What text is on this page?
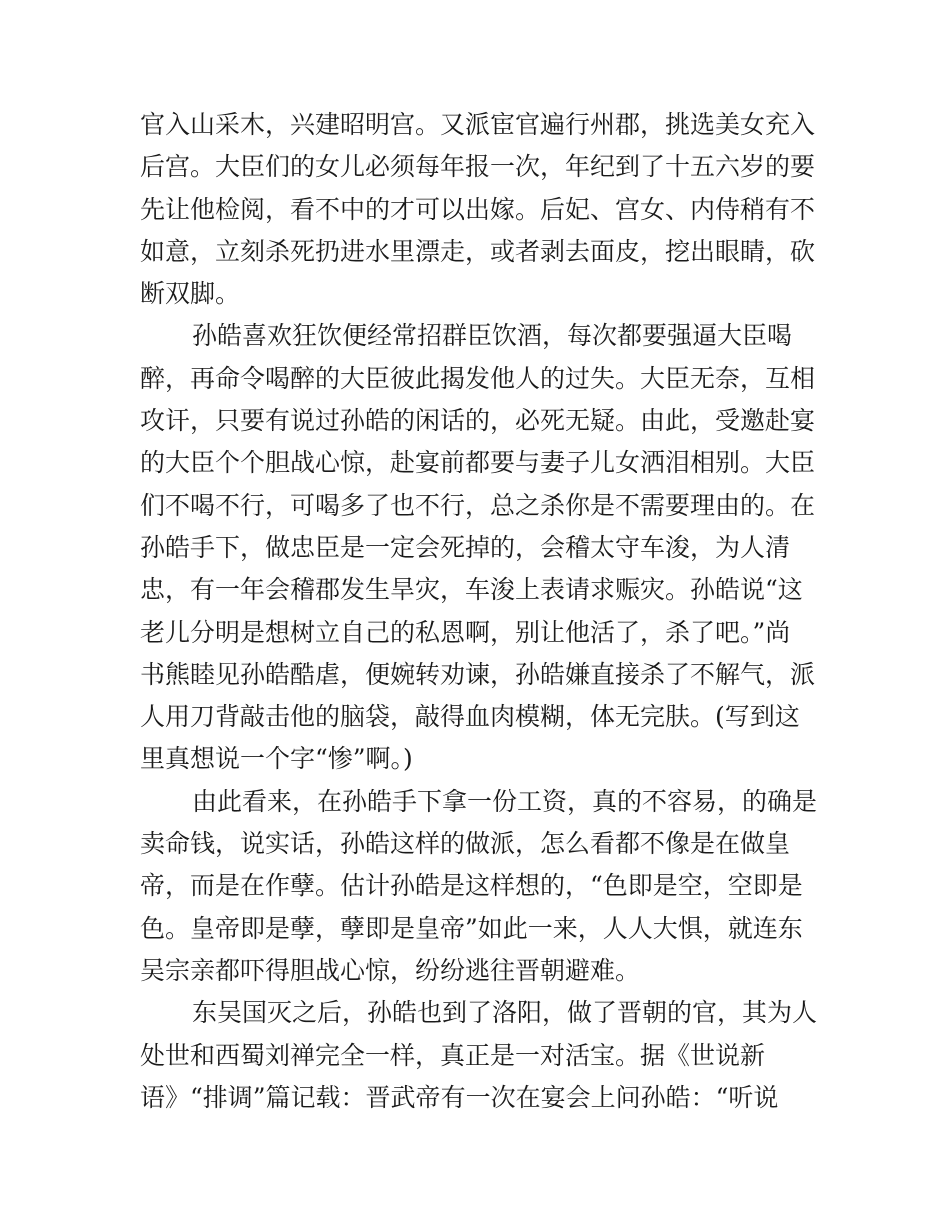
官入山采木，兴建昭明宫。又派宦官遍行州郡，挑选美女充入
后宫。大臣们的女儿必须每年报一次，年纪到了十五六岁的要
先让他检阅，看不中的才可以出嫁。后妃、宫女、内侍稍有不
如意，立刻杀死扔进水里漂走，或者剥去面皮，挖出眼睛，砍
断双脚。

孙皓喜欢狂饮便经常招群臣饮酒，每次都要强逼大臣喝
醉，再命令喝醉的大臣彼此揭发他人的过失。大臣无奈，互相
攻讦，只要有说过孙皓的闲话的，必死无疑。由此，受邀赴宴
的大臣个个胆战心惊，赴宴前都要与妻子儿女洒泪相别。大臣
们不喝不行，可喝多了也不行，总之杀你是不需要理由的。在
孙皓手下，做忠臣是一定会死掉的，会稽太守车浚，为人清
忠，有一年会稽郡发生旱灾，车浚上表请求赈灾。孙皓说“这
老儿分明是想树立自己的私恩啊，别让他活了，杀了吧。”尚
书熊睦见孙皓酷虐，便婉转劝谏，孙皓嫌直接杀了不解气，派
人用刀背敲击他的脑袋，敲得血肉模糊，体无完肤。(写到这
里真想说一个字“惨”啊。)

由此看来，在孙皓手下拿一份工资，真的不容易，的确是
卖命钱，说实话，孙皓这样的做派，怎么看都不像是在做皇
帝，而是在作孽。估计孙皓是这样想的，“色即是空，空即是
色。皇帝即是孽，孽即是皇帝”如此一来，人人大惧，就连东
吴宗亲都吓得胆战心惊，纷纷逃往晋朝避难。

东吴国灭之后，孙皓也到了洛阳，做了晋朝的官，其为人
处世和西蜀刘禅完全一样，真正是一对活宝。据《世说新
语》“排调”篇记载：晋武帝有一次在宴会上问孙皓：“听说
